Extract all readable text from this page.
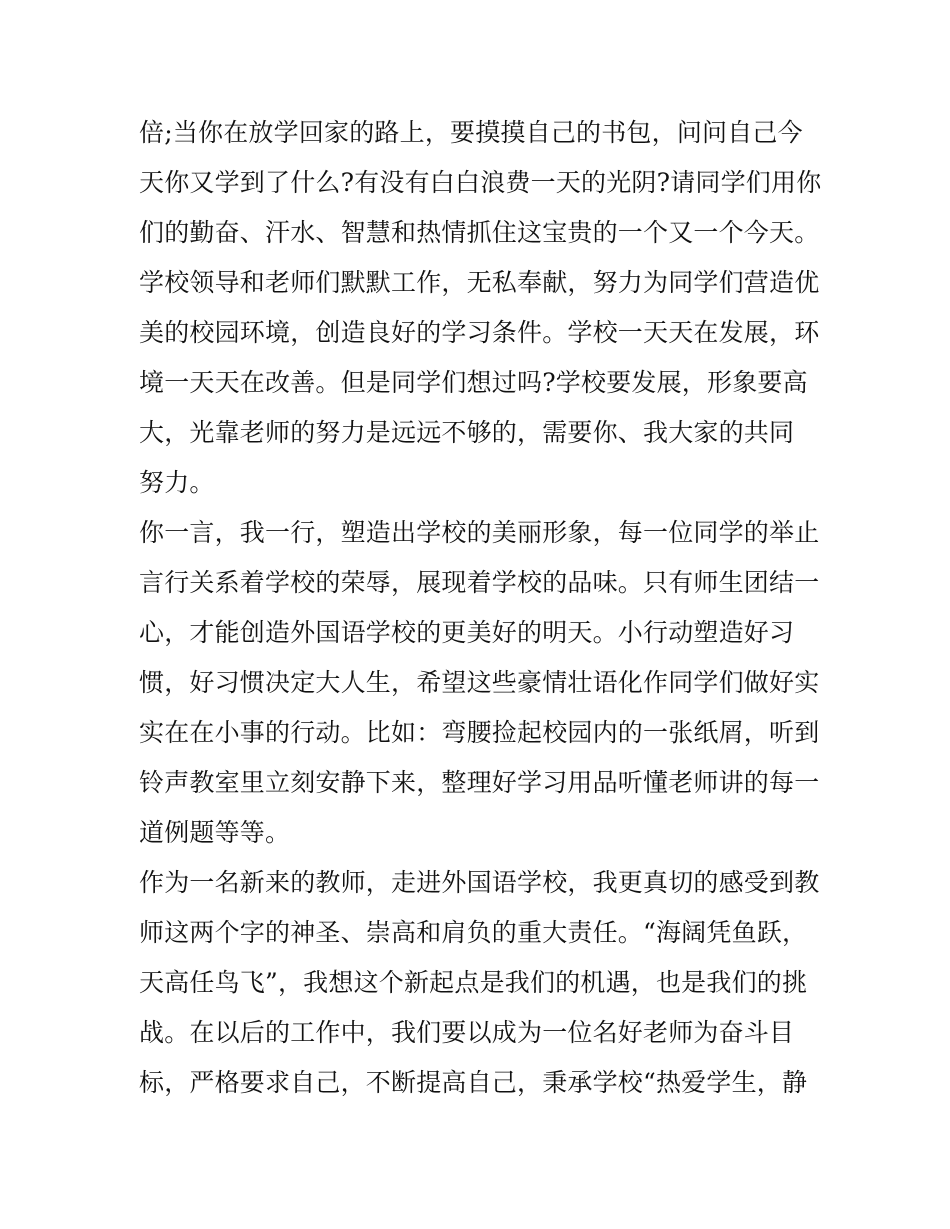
倍;当你在放学回家的路上，要摸摸自己的书包，问问自己今
天你又学到了什么?有没有白白浪费一天的光阴?请同学们用你
们的勤奋、汗水、智慧和热情抓住这宝贵的一个又一个今天。
学校领导和老师们默默工作，无私奉献，努力为同学们营造优
美的校园环境，创造良好的学习条件。学校一天天在发展，环
境一天天在改善。但是同学们想过吗?学校要发展，形象要高
大，光靠老师的努力是远远不够的，需要你、我大家的共同
努力。
你一言，我一行，塑造出学校的美丽形象，每一位同学的举止
言行关系着学校的荣辱，展现着学校的品味。只有师生团结一
心，才能创造外国语学校的更美好的明天。小行动塑造好习
惯，好习惯决定大人生，希望这些豪情壮语化作同学们做好实
实在在小事的行动。比如：弯腰捡起校园内的一张纸屑，听到
铃声教室里立刻安静下来，整理好学习用品听懂老师讲的每一
道例题等等。
作为一名新来的教师，走进外国语学校，我更真切的感受到教
师这两个字的神圣、崇高和肩负的重大责任。“海阔凭鱼跃，
天高任鸟飞”，我想这个新起点是我们的机遇，也是我们的挑
战。在以后的工作中，我们要以成为一位名好老师为奋斗目
标，严格要求自己，不断提高自己，秉承学校“热爱学生，静
